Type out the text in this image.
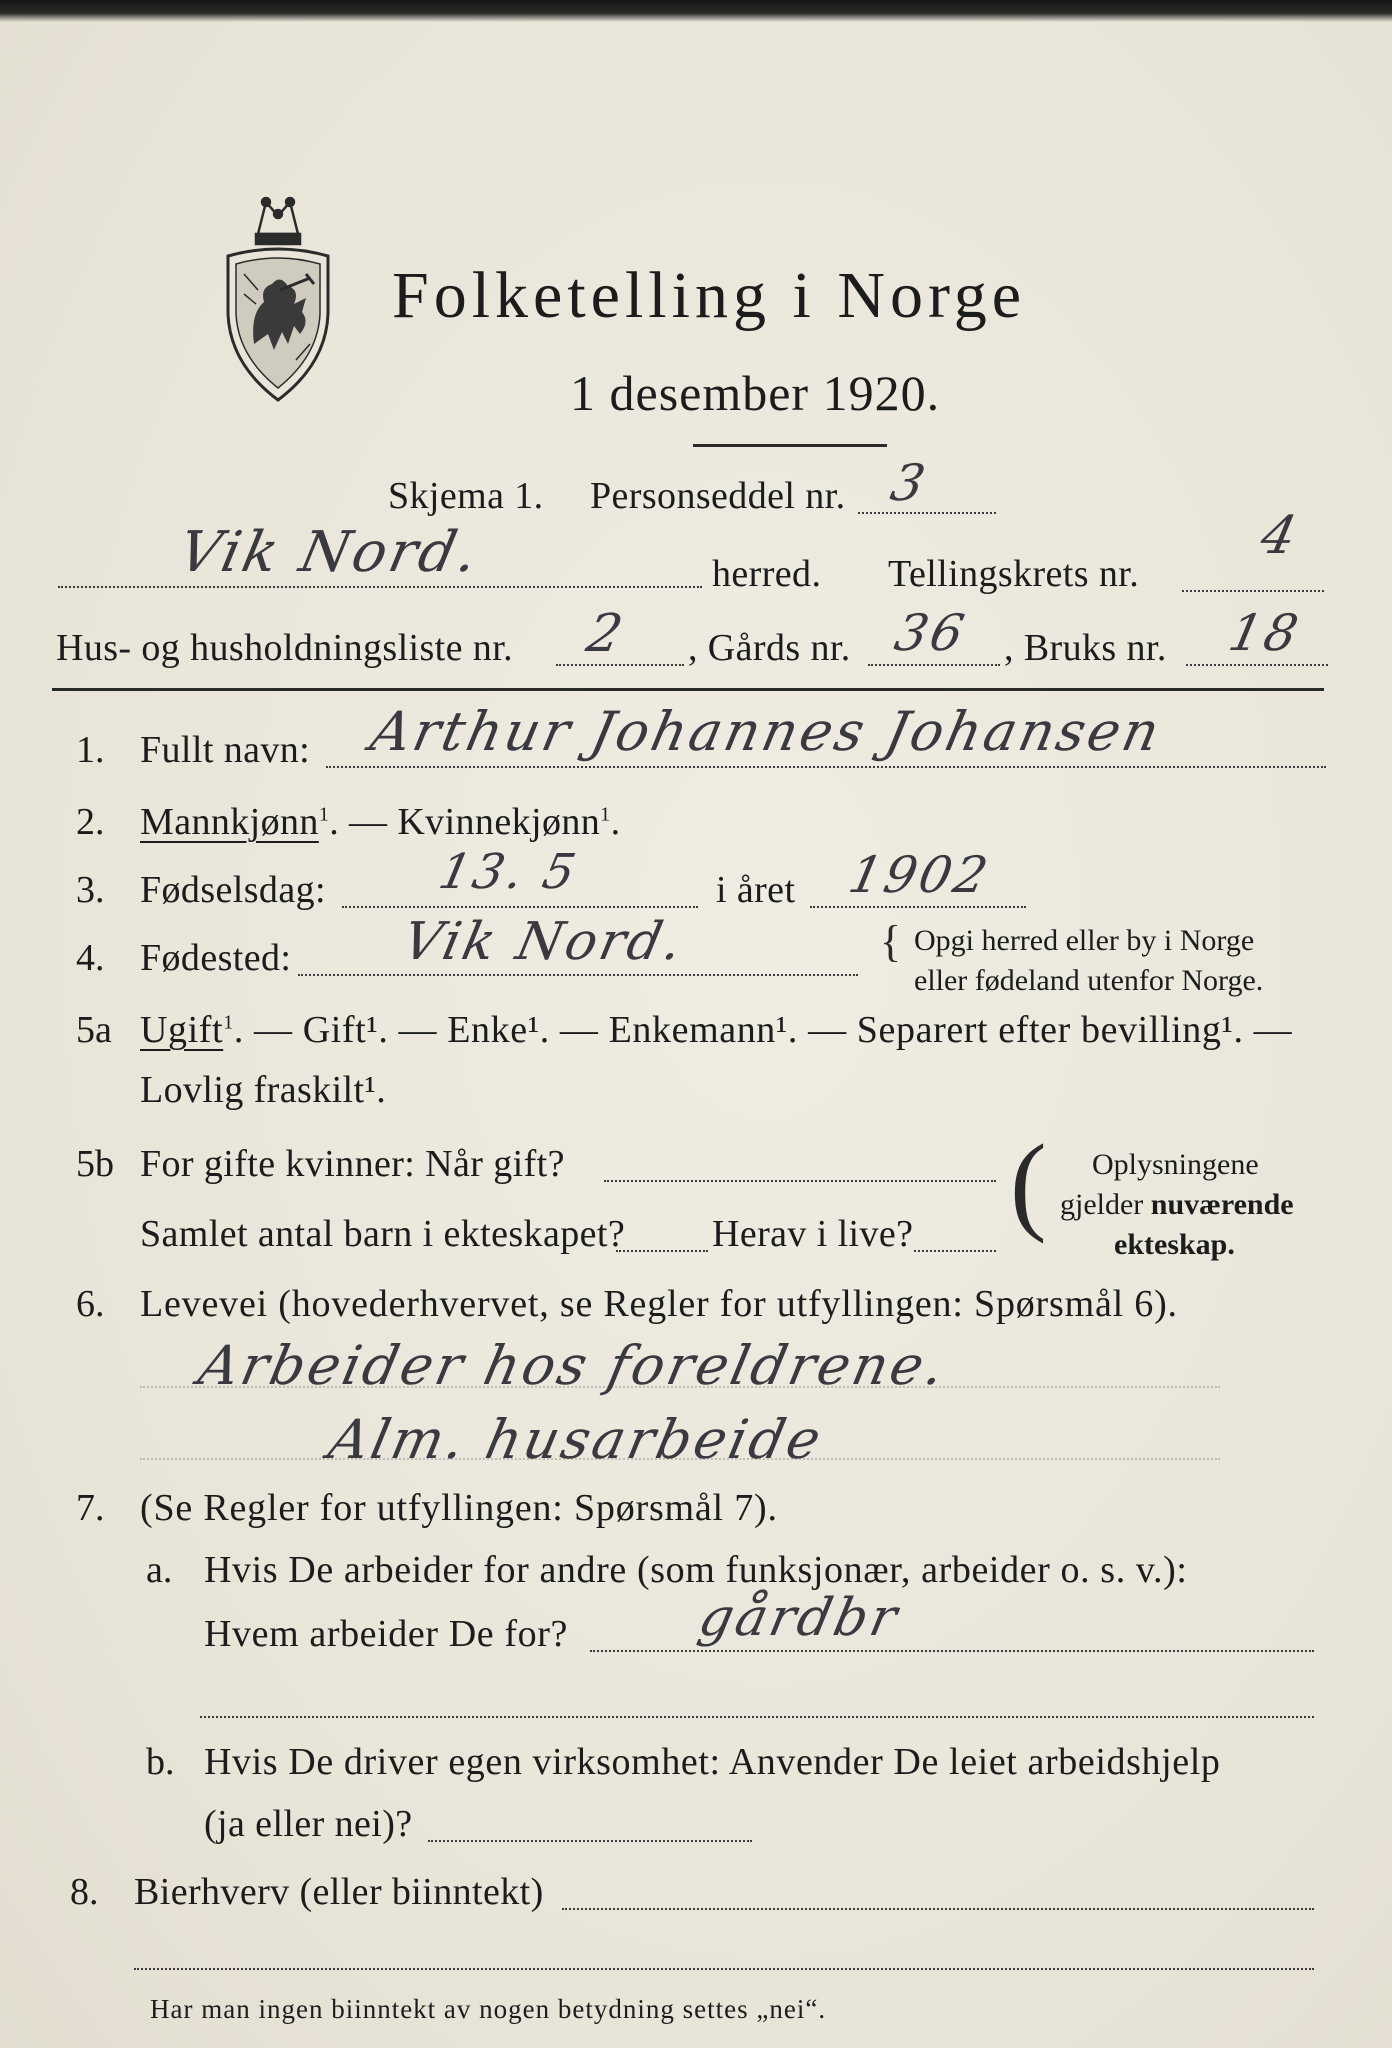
Folketelling i Norge
1 desember 1920.
Skjema 1. Personseddel nr. 3
Vik Nord.	herred. Tellingskrets nr.
4
Hus- og husholdningsliste nr. 2 , Gårds nr. 36 , Bruks nr. 18
1. Fullt navn: Arthur Johannes Johansen
2. Mannkjønn$^1$. — Kvinnekjønn$^1$.
3. Fødselsdag: 13. 5	i året 1902
4. Fødested: Vik Nord.	{ Opgi herred eller by i Norge
eller fødeland utenfor Norge.
5a Ugift$^1$. — Gift¹. — Enke¹. — Enkemann¹. — Separert efter bevilling¹. —
Lovlig fraskilt¹.
5b For gifte kvinner: Når gift?
Samlet antal barn i ekteskapet? Herav i live? ( Oplysningene
gjelder nuværende
ekteskap.
6. Levevei (hovederhvervet, se Regler for utfyllingen: Spørsmål 6).
Arbeider hos foreldrene.
Alm. husarbeide
7. (Se Regler for utfyllingen: Spørsmål 7).
a. Hvis De arbeider for andre (som funksjonær, arbeider o. s. v.):
Hvem arbeider De for? gårdbr
b. Hvis De driver egen virksomhet: Anvender De leiet arbeidshjelp
(ja eller nei)?
8. Bierhverv (eller biinntekt)
Har man ingen biinntekt av nogen betydning settes „nei“.
